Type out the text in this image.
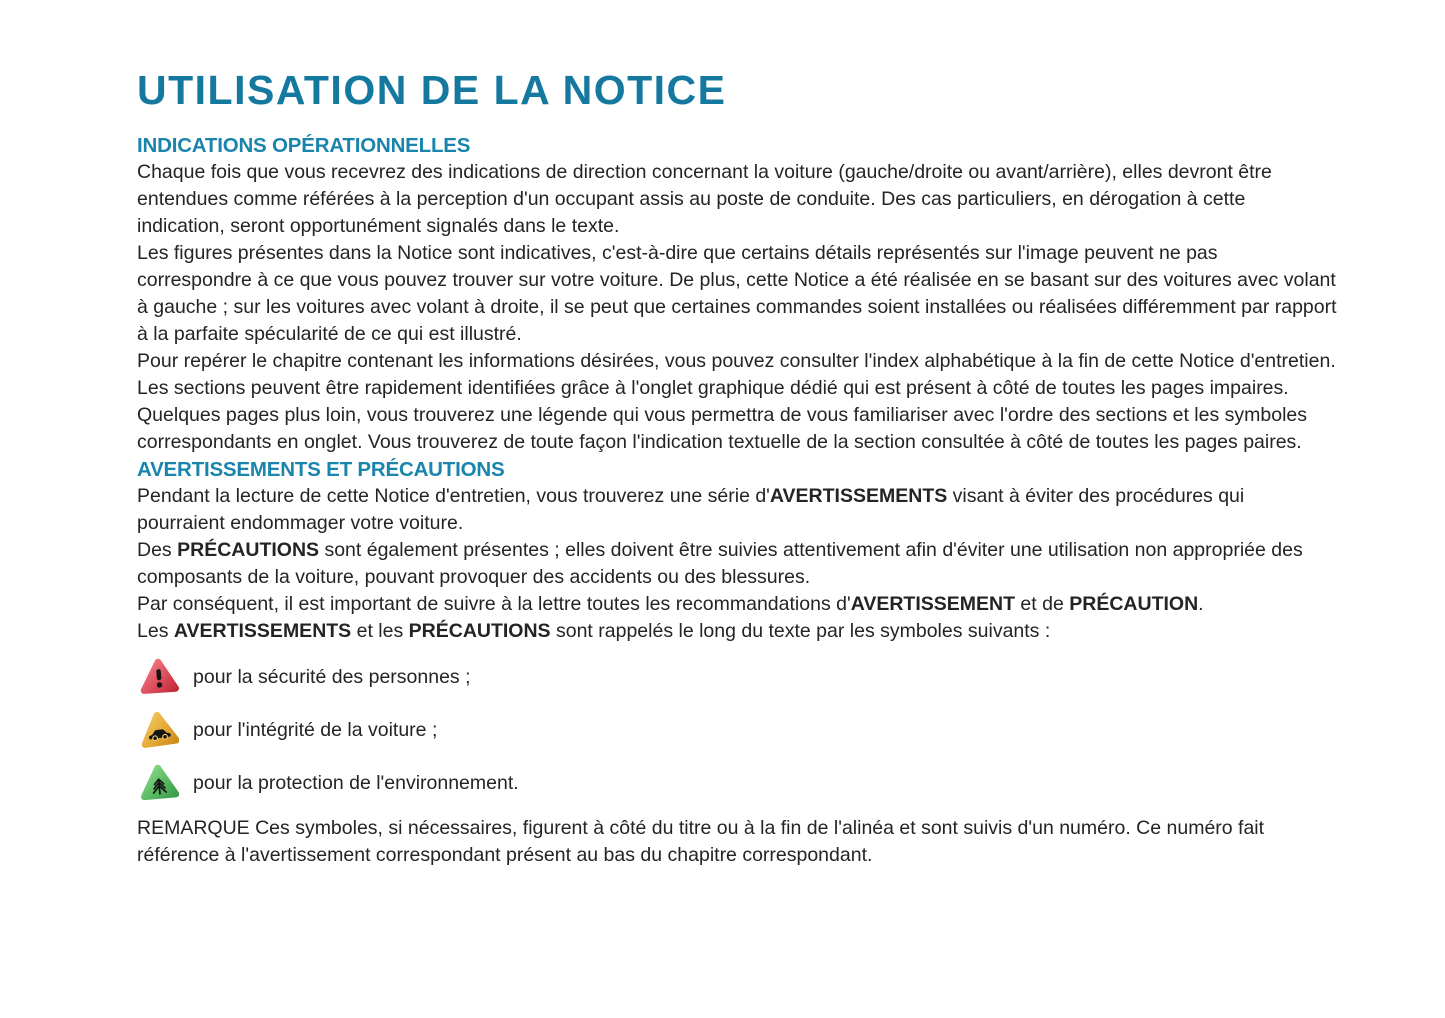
UTILISATION DE LA NOTICE
INDICATIONS OPÉRATIONNELLES

Chaque fois que vous recevrez des indications de direction concernant la voiture (gauche/droite ou avant/arrière), elles devront être entendues comme référées à la perception d'un occupant assis au poste de conduite. Des cas particuliers, en dérogation à cette indication, seront opportunément signalés dans le texte.

Les figures présentes dans la Notice sont indicatives, c'est-à-dire que certains détails représentés sur l'image peuvent ne pas correspondre à ce que vous pouvez trouver sur votre voiture. De plus, cette Notice a été réalisée en se basant sur des voitures avec volant à gauche ; sur les voitures avec volant à droite, il se peut que certaines commandes soient installées ou réalisées différemment par rapport à la parfaite spécularité de ce qui est illustré.

Pour repérer le chapitre contenant les informations désirées, vous pouvez consulter l'index alphabétique à la fin de cette Notice d'entretien.

Les sections peuvent être rapidement identifiées grâce à l'onglet graphique dédié qui est présent à côté de toutes les pages impaires. Quelques pages plus loin, vous trouverez une légende qui vous permettra de vous familiariser avec l'ordre des sections et les symboles correspondants en onglet. Vous trouverez de toute façon l'indication textuelle de la section consultée à côté de toutes les pages paires.

AVERTISSEMENTS ET PRÉCAUTIONS

Pendant la lecture de cette Notice d'entretien, vous trouverez une série d'AVERTISSEMENTS visant à éviter des procédures qui pourraient endommager votre voiture.

Des PRÉCAUTIONS sont également présentes ; elles doivent être suivies attentivement afin d'éviter une utilisation non appropriée des composants de la voiture, pouvant provoquer des accidents ou des blessures.

Par conséquent, il est important de suivre à la lettre toutes les recommandations d'AVERTISSEMENT et de PRÉCAUTION.

Les AVERTISSEMENTS et les PRÉCAUTIONS sont rappelés le long du texte par les symboles suivants :

pour la sécurité des personnes ;
pour l'intégrité de la voiture ;
pour la protection de l'environnement.

REMARQUE Ces symboles, si nécessaires, figurent à côté du titre ou à la fin de l'alinéa et sont suivis d'un numéro. Ce numéro fait référence à l'avertissement correspondant présent au bas du chapitre correspondant.
